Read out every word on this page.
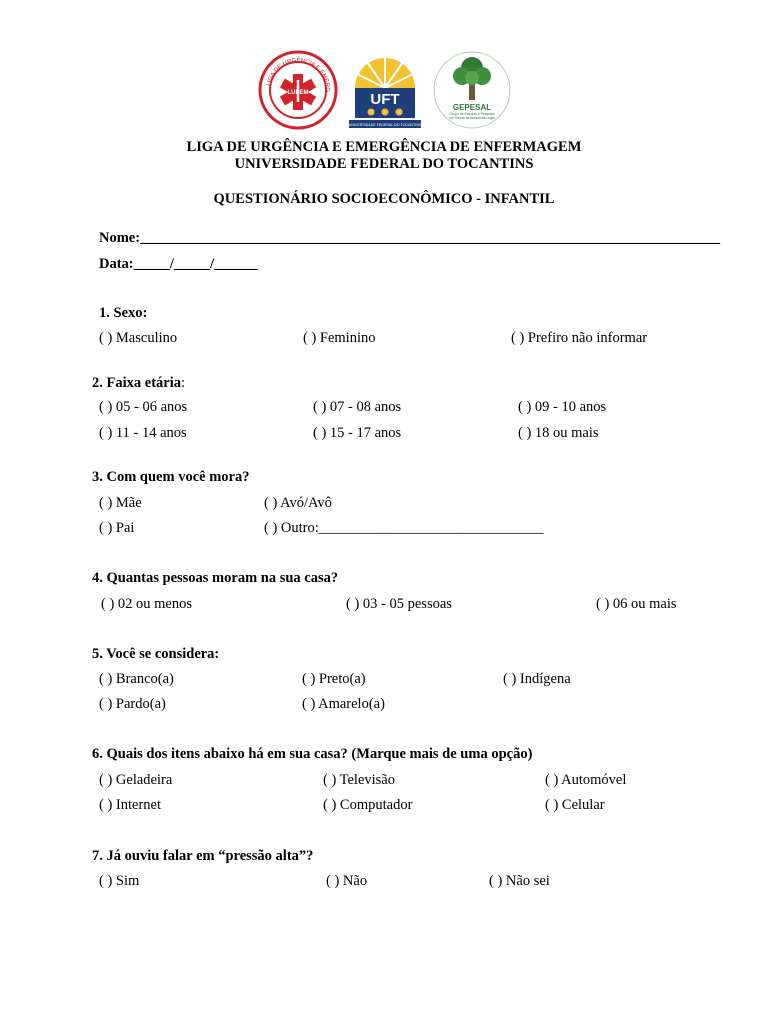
LIGA DE URGÊNCIA E EMERG
LUEEM	UFT
UNIVERSIDADE FEDERAL DO TOCANTINS
GEPESAL
Grupo de Estudos e Pesquisa em Saúde da Amazônia Legal
LIGA DE URGÊNCIA E EMERGÊNCIA DE ENFERMAGEM
UNIVERSIDADE FEDERAL DO TOCANTINS
QUESTIONÁRIO SOCIOECONÔMICO - INFANTIL
Nome:________________________________________________________________________________
Data:_____/_____/______
1. Sexo:
( ) Masculino	( ) Feminino	( ) Prefiro não informar
2. Faixa etária:
( ) 05 - 06 anos	( ) 07 - 08 anos	( ) 09 - 10 anos
( ) 11 - 14 anos	( ) 15 - 17 anos	( ) 18 ou mais
3. Com quem você mora?
( ) Mãe	( ) Avó/Avô
( ) Pai	( ) Outro:_______________________________
4. Quantas pessoas moram na sua casa?
( ) 02 ou menos	( ) 03 - 05 pessoas	( ) 06 ou mais
5. Você se considera:
( ) Branco(a)	( ) Preto(a)	( ) Indígena
( ) Pardo(a)	( ) Amarelo(a)
6. Quais dos itens abaixo há em sua casa? (Marque mais de uma opção)
( ) Geladeira	( ) Televisão	( ) Automóvel
( ) Internet	( ) Computador	( ) Celular
7. Já ouviu falar em “pressão alta”?
( ) Sim	( ) Não	( ) Não sei
